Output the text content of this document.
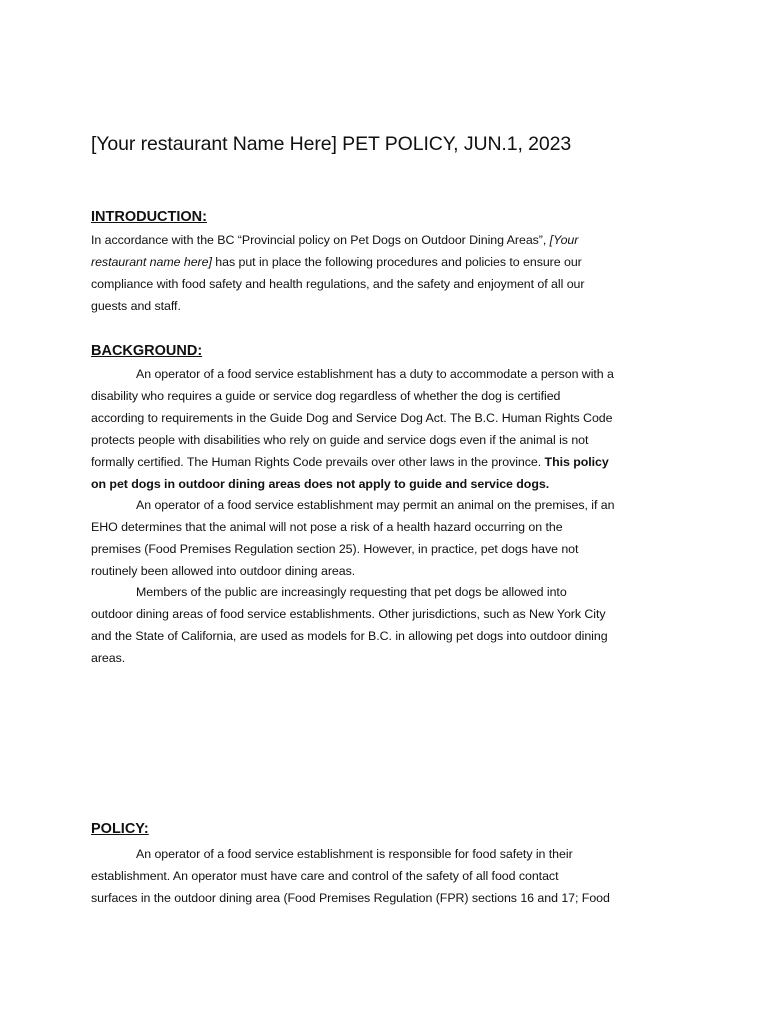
[Your restaurant Name Here] PET POLICY, JUN.1, 2023
INTRODUCTION:
In accordance with the BC “Provincial policy on Pet Dogs on Outdoor Dining Areas”, [Your
restaurant name here] has put in place the following procedures and policies to ensure our
compliance with food safety and health regulations, and the safety and enjoyment of all our
guests and staff.
BACKGROUND:
An operator of a food service establishment has a duty to accommodate a person with a
disability who requires a guide or service dog regardless of whether the dog is certified
according to requirements in the Guide Dog and Service Dog Act. The B.C. Human Rights Code
protects people with disabilities who rely on guide and service dogs even if the animal is not
formally certified. The Human Rights Code prevails over other laws in the province. This policy
on pet dogs in outdoor dining areas does not apply to guide and service dogs.
An operator of a food service establishment may permit an animal on the premises, if an
EHO determines that the animal will not pose a risk of a health hazard occurring on the
premises (Food Premises Regulation section 25). However, in practice, pet dogs have not
routinely been allowed into outdoor dining areas.
Members of the public are increasingly requesting that pet dogs be allowed into
outdoor dining areas of food service establishments. Other jurisdictions, such as New York City
and the State of California, are used as models for B.C. in allowing pet dogs into outdoor dining
areas.
POLICY:
An operator of a food service establishment is responsible for food safety in their
establishment. An operator must have care and control of the safety of all food contact
surfaces in the outdoor dining area (Food Premises Regulation (FPR) sections 16 and 17; Food
